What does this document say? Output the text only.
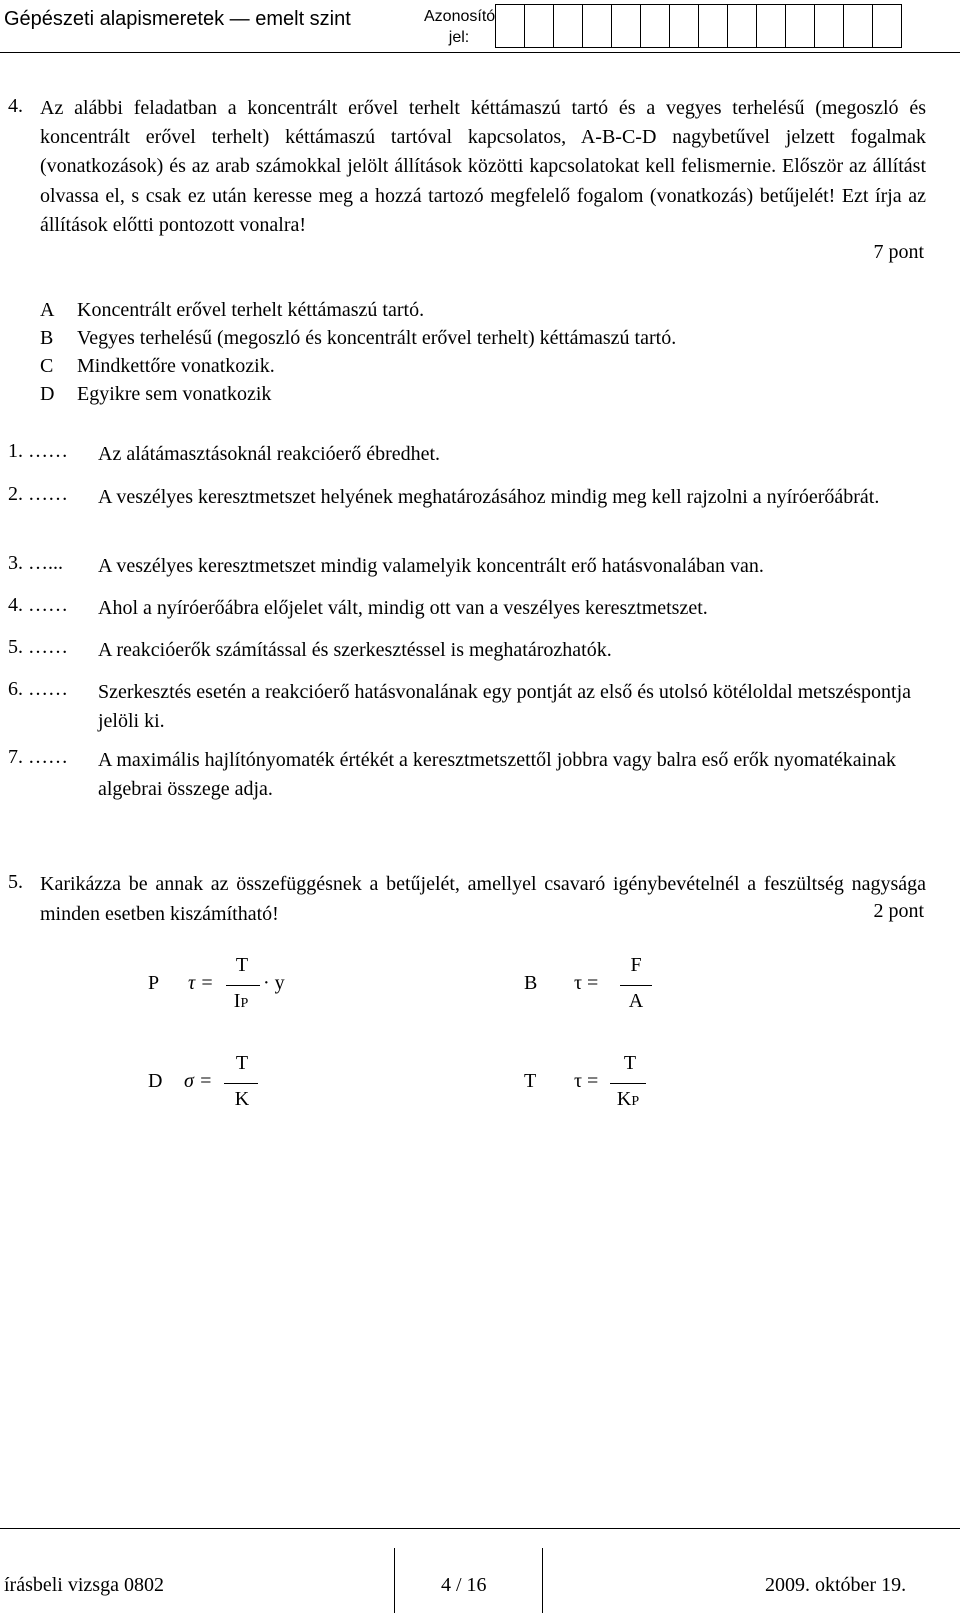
Gépészeti alapismeretek — emelt szint	Azonosító
jel:
4. Az alábbi feladatban a koncentrált erővel terhelt kéttámaszú tartó és a vegyes terhelésű (megoszló és koncentrált erővel terhelt) kéttámaszú tartóval kapcsolatos, A-B-C-D nagybetűvel jelzett fogalmak (vonatkozások) és az arab számokkal jelölt állítások közötti kapcsolatokat kell felismernie. Először az állítást olvassa el, s csak ez után keresse meg a hozzá tartozó megfelelő fogalom (vonatkozás) betűjelét! Ezt írja az állítások előtti pontozott vonalra!
7 pont
A Koncentrált erővel terhelt kéttámaszú tartó.
B Vegyes terhelésű (megoszló és koncentrált erővel terhelt) kéttámaszú tartó.
C Mindkettőre vonatkozik.
D Egyikre sem vonatkozik
1. …… Az alátámasztásoknál reakcióerő ébredhet.
2. …… A veszélyes keresztmetszet helyének meghatározásához mindig meg kell rajzolni a nyíróerőábrát.
3. …... A veszélyes keresztmetszet mindig valamelyik koncentrált erő hatásvonalában van.
4. …… Ahol a nyíróerőábra előjelet vált, mindig ott van a veszélyes keresztmetszet.
5. …… A reakcióerők számítással és szerkesztéssel is meghatározhatók.
6. …… Szerkesztés esetén a reakcióerő hatásvonalának egy pontját az első és utolsó kötéloldal metszéspontja jelöli ki.
7. …… A maximális hajlítónyomaték értékét a keresztmetszettől jobbra vagy balra eső erők nyomatékainak algebrai összege adja.
5. Karikázza be annak az összefüggésnek a betűjelét, amellyel csavaró igénybevételnél a feszültség nagysága minden esetben kiszámítható!	2 pont
P τ =
T
IP
· y	B τ =
F
A
D σ =
T
K
T τ =
T
KP
írásbeli vizsga 0802	4 / 16	2009. október 19.
